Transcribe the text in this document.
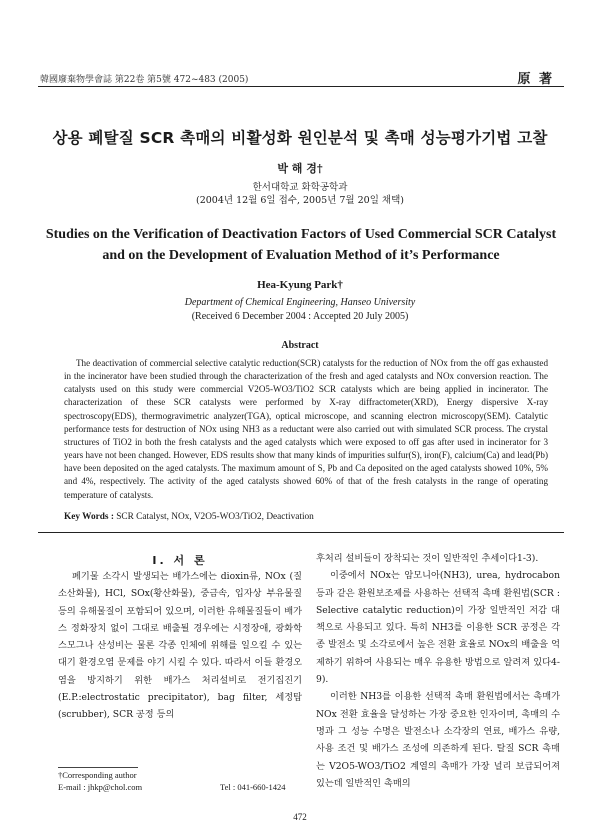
韓國廢棄物學會誌 第22卷 第5號 472~483 (2005)	原 著
상용 폐탈질 SCR 촉매의 비활성화 원인분석 및 촉매 성능평가기법 고찰
박 해 경†
한서대학교 화학공학과
(2004년 12월 6일 접수, 2005년 7월 20일 채택)
Studies on the Verification of Deactivation Factors of Used Commercial SCR Catalyst and on the Development of Evaluation Method of it’s Performance
Hea-Kyung Park†
Department of Chemical Engineering, Hanseo University
(Received 6 December 2004 : Accepted 20 July 2005)
Abstract
The deactivation of commercial selective catalytic reduction(SCR) catalysts for the reduction of NOx from the off gas exhausted in the incinerator have been studied through the characterization of the fresh and aged catalysts and NOx conversion reaction. The catalysts used on this study were commercial V2O5-WO3/TiO2 SCR catalysts which are being applied in incinerator. The characterization of these SCR catalysts were performed by X-ray diffractometer(XRD), Energy dispersive X-ray spectroscopy(EDS), thermogravimetric analyzer(TGA), optical microscope, and scanning electron microscopy(SEM). Catalytic performance tests for destruction of NOx using NH3 as a reductant were also carried out with simulated SCR process. The crystal structures of TiO2 in both the fresh catalysts and the aged catalysts which were exposed to off gas after used in incinerator for 3 years have not been changed. However, EDS results show that many kinds of impurities sulfur(S), iron(F), calcium(Ca) and lead(Pb) have been deposited on the aged catalysts. The maximum amount of S, Pb and Ca deposited on the aged catalysts showed 10%, 5% and 4%, respectively. The activity of the aged catalysts showed 60% of that of the fresh catalysts in the range of operating temperature of catalysts.
Key Words : SCR Catalyst, NOx, V2O5-WO3/TiO2, Deactivation
I. 서 론

폐기물 소각시 발생되는 배가스에는 dioxin류, NOx (질소산화물), HCl, SOx(황산화물), 중금속, 입자상 부유물질 등의 유해물질이 포함되어 있으며, 이러한 유해물질들이 배가스 정화장치 없이 그대로 배출될 경우에는 시정장애, 광화학 스모그나 산성비는 물론 각종 인체에 위해를 일으킬 수 있는 대기 환경오염 문제를 야기 시킬 수 있다. 따라서 이들 환경오염을 방지하기 위한 배가스 처리설비로 전기집진기(E.P.:electrostatic precipitator), bag filter, 세정탑(scrubber), SCR 공정 등의

후처리 설비들이 장착되는 것이 일반적인 추세이다1-3).

이중에서 NOx는 암모니아(NH3), urea, hydrocabon 등과 같은 환원보조제를 사용하는 선택적 촉매 환원법(SCR : Selective catalytic reduction)이 가장 일반적인 저감 대책으로 사용되고 있다. 특히 NH3를 이용한 SCR 공정은 각종 발전소 및 소각로에서 높은 전환 효율로 NOx의 배출을 억제하기 위하여 사용되는 매우 유용한 방법으로 알려져 있다4-9).

이러한 NH3를 이용한 선택적 촉매 환원법에서는 촉매가 NOx 전환 효율을 달성하는 가장 중요한 인자이며, 촉매의 수명과 그 성능 수명은 발전소나 소각장의 연료, 배가스 유량, 사용 조건 및 배가스 조성에 의존하게 된다. 탈질 SCR 촉매는 V2O5-WO3/TiO2 계열의 촉매가 가장 널리 보급되어져 있는데 일반적인 촉매의

†Corresponding author
E-mail : jhkp@chol.com	Tel : 041-660-1424
472
